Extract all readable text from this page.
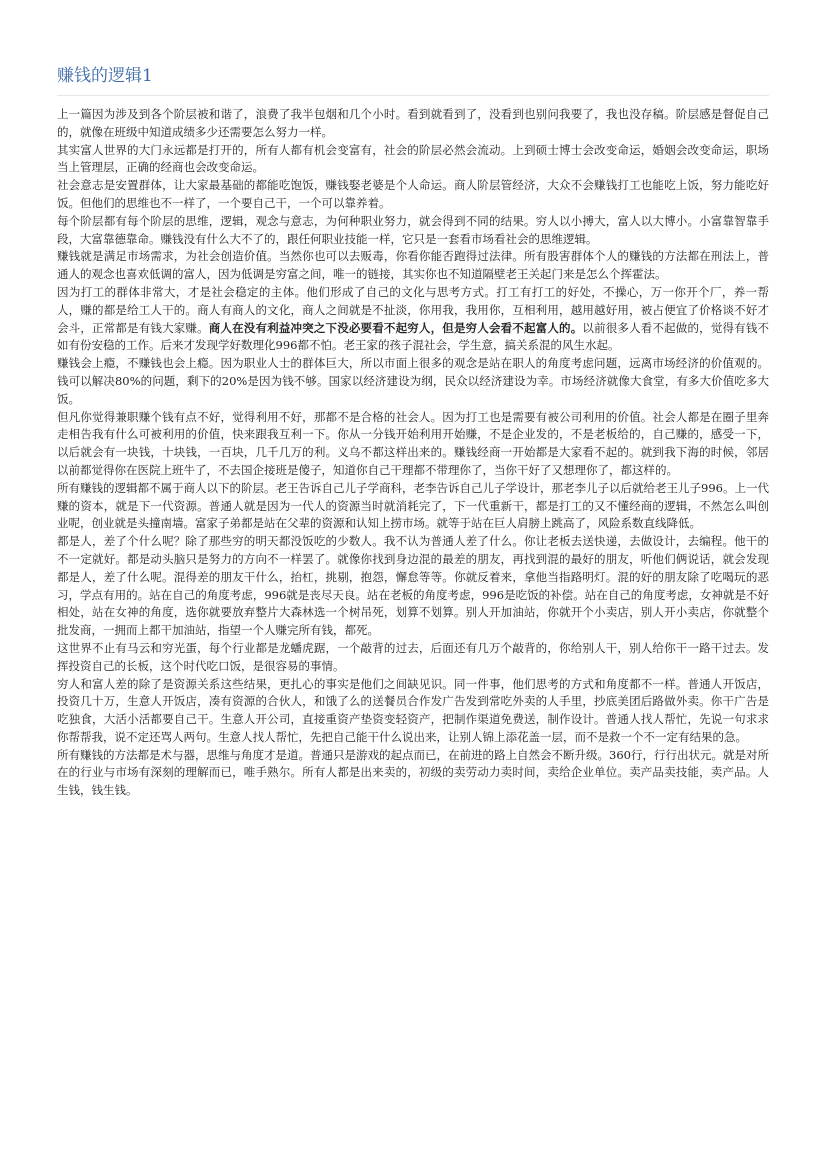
赚钱的逻辑1

上一篇因为涉及到各个阶层被和谐了，浪费了我半包烟和几个小时。看到就看到了，没看到也别问我要了，我也没存稿。阶层感是督促自己的，就像在班级中知道成绩多少还需要怎么努力一样。

其实富人世界的大门永远都是打开的，所有人都有机会变富有，社会的阶层必然会流动。上到硕士博士会改变命运，婚姻会改变命运，职场当上管理层，正确的经商也会改变命运。

社会意志是安置群体，让大家最基础的都能吃饱饭，赚钱娶老婆是个人命运。商人阶层管经济，大众不会赚钱打工也能吃上饭，努力能吃好饭。但他们的思维也不一样了，一个要自己干，一个可以靠养着。

每个阶层都有每个阶层的思维，逻辑，观念与意志，为何种职业努力，就会得到不同的结果。穷人以小搏大，富人以大博小。小富靠智靠手段，大富靠德靠命。赚钱没有什么大不了的，跟任何职业技能一样，它只是一套看市场看社会的思维逻辑。

赚钱就是满足市场需求，为社会创造价值。当然你也可以去贩毒，你看你能否跑得过法律。所有股害群体个人的赚钱的方法都在刑法上，普通人的观念也喜欢低调的富人，因为低调是穷富之间，唯一的链接，其实你也不知道隔壁老王关起门来是怎么个挥霍法。

因为打工的群体非常大，才是社会稳定的主体。他们形成了自己的文化与思考方式。打工有打工的好处，不操心，万一你开个厂，养一帮人，赚的都是给工人干的。商人有商人的文化，商人之间就是不扯淡，你用我，我用你，互相利用，越用越好用，被占便宜了价格谈不好才会斗，正常都是有钱大家赚。商人在没有利益冲突之下没必要看不起穷人，但是穷人会看不起富人的。以前很多人看不起做的，觉得有钱不如有份安稳的工作。后来才发现学好数理化996都不怕。老王家的孩子混社会，学生意，搞关系混的风生水起。

赚钱会上瘾，不赚钱也会上瘾。因为职业人士的群体巨大，所以市面上很多的观念是站在职人的角度考虑问题，远离市场经济的价值观的。钱可以解决80%的问题，剩下的20%是因为钱不够。国家以经济建设为纲，民众以经济建设为幸。市场经济就像大食堂，有多大价值吃多大饭。

但凡你觉得兼职赚个钱有点不好，觉得利用不好，那都不是合格的社会人。因为打工也是需要有被公司利用的价值。社会人都是在圈子里奔走相告我有什么可被利用的价值，快来跟我互利一下。你从一分钱开始利用开始赚，不是企业发的，不是老板给的，自己赚的，感受一下，以后就会有一块钱，十块钱，一百块，几千几万的利。义乌不都这样出来的。赚钱经商一开始都是大家看不起的。就到我下海的时候，邻居以前都觉得你在医院上班牛了，不去国企接班是傻子，知道你自己干理都不带理你了，当你干好了又想理你了，都这样的。

所有赚钱的逻辑都不属于商人以下的阶层。老王告诉自己儿子学商科，老李告诉自己儿子学设计，那老李儿子以后就给老王儿子996。上一代赚的资本，就是下一代资源。普通人就是因为一代人的资源当时就消耗完了，下一代重新干，都是打工的又不懂经商的逻辑，不然怎么叫创业呢，创业就是头撞南墙。富家子弟都是站在父辈的资源和认知上捞市场。就等于站在巨人肩膀上跳高了，风险系数直线降低。

都是人，差了个什么呢？除了那些穷的明天都没饭吃的少数人。我不认为普通人差了什么。你让老板去送快递，去做设计，去编程。他干的不一定就好。都是动头脑只是努力的方向不一样罢了。就像你找到身边混的最差的朋友，再找到混的最好的朋友，听他们俩说话，就会发现都是人，差了什么呢。混得差的朋友干什么，抬杠，挑剔，抱怨，懈怠等等。你就反着来，拿他当指路明灯。混的好的朋友除了吃喝玩的恶习，学点有用的。站在自己的角度考虑，996就是丧尽天良。站在老板的角度考虑，996是吃饭的补偿。站在自己的角度考虑，女神就是不好相处，站在女神的角度，选你就要放弃整片大森林选一个树吊死，划算不划算。别人开加油站，你就开个小卖店，别人开小卖店，你就整个批发商，一拥而上都干加油站，指望一个人赚完所有钱，都死。

这世界不止有马云和穷光蛋，每个行业都是龙蟠虎踞，一个敲背的过去，后面还有几万个敲背的，你给别人干，别人给你干一路干过去。发挥投资自己的长板，这个时代吃口饭，是很容易的事情。

穷人和富人差的除了是资源关系这些结果，更扎心的事实是他们之间缺见识。同一件事，他们思考的方式和角度都不一样。普通人开饭店，投资几十万，生意人开饭店，凑有资源的合伙人，和饿了么的送餐员合作发广告发到常吃外卖的人手里，抄底美团后路做外卖。你干广告是吃独食，大活小活都要自己干。生意人开公司，直接重资产垫资变轻资产，把制作渠道免费送，制作设计。普通人找人帮忙，先说一句求求你帮帮我，说不定还骂人两句。生意人找人帮忙，先把自己能干什么说出来，让别人锦上添花盖一层，而不是救一个不一定有结果的急。

所有赚钱的方法都是术与器，思维与角度才是道。普通只是游戏的起点而已，在前进的路上自然会不断升级。360行，行行出状元。就是对所在的行业与市场有深刻的理解而已，唯手熟尔。所有人都是出来卖的，初级的卖劳动力卖时间，卖给企业单位。卖产品卖技能，卖产品。人生钱，钱生钱。
